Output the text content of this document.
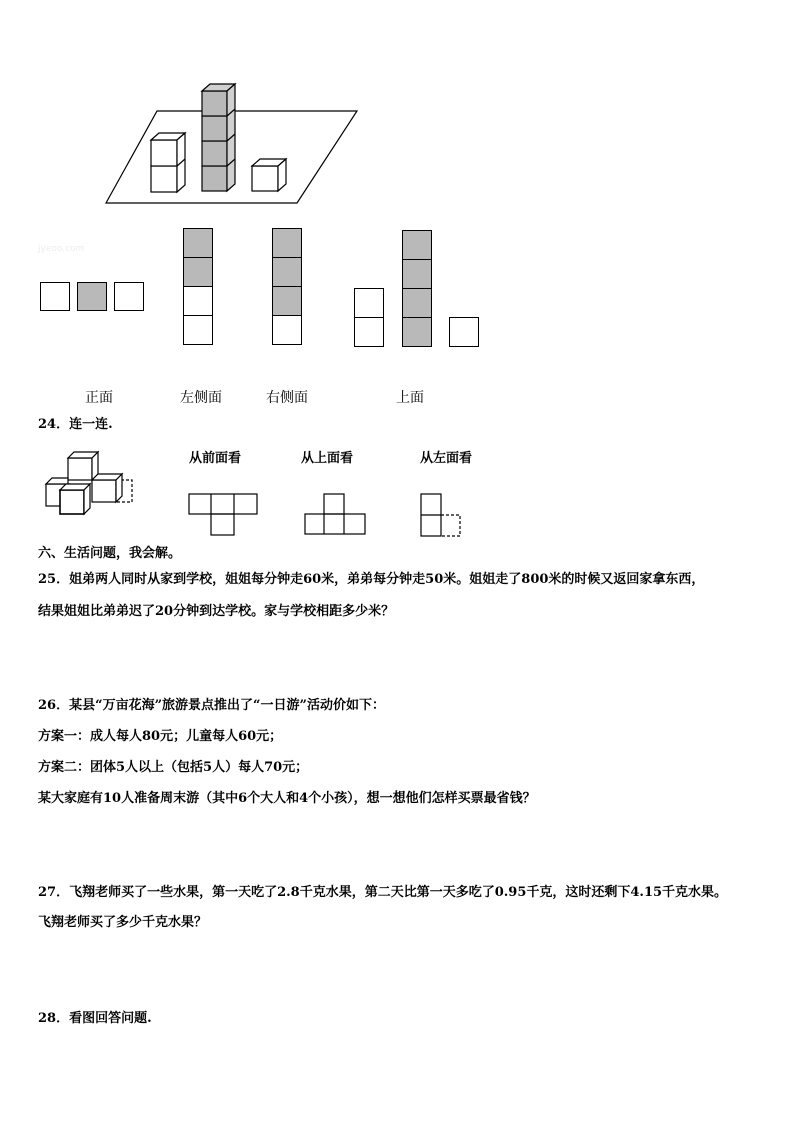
jyeoo.com
正面	左侧面	右侧面	上面
24．连一连.
从前面看	从上面看	从左面看
六、生活问题，我会解。
25．姐弟两人同时从家到学校，姐姐每分钟走60米，弟弟每分钟走50米。姐姐走了800米的时候又返回家拿东西，
结果姐姐比弟弟迟了20分钟到达学校。家与学校相距多少米？
26．某县“万亩花海”旅游景点推出了“一日游”活动价如下：
方案一：成人每人80元；儿童每人60元；
方案二：团体5人以上（包括5人）每人70元；
某大家庭有10人准备周末游（其中6个大人和4个小孩），想一想他们怎样买票最省钱？
27．飞翔老师买了一些水果，第一天吃了2.8千克水果，第二天比第一天多吃了0.95千克，这时还剩下4.15千克水果。
飞翔老师买了多少千克水果？
28．看图回答问题.
